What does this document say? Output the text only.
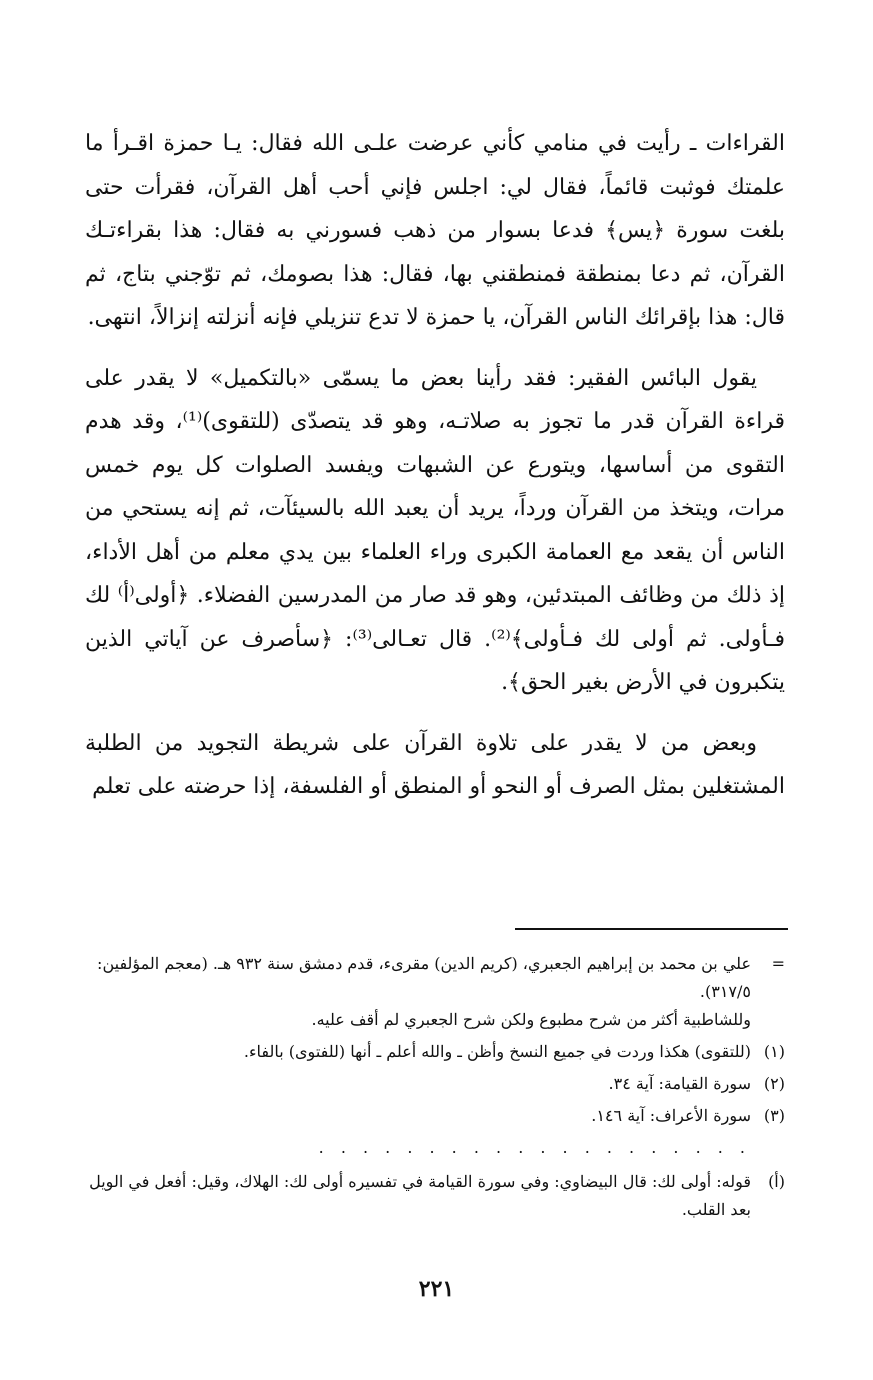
القراءات ـ رأيت في منامي كأني عرضت علـى الله فقال: يـا حمزة اقـرأ ما علمتك فوثبت قائماً، فقال لي: اجلس فإني أحب أهل القرآن، فقرأت حتى بلغت سورة ﴿يس﴾ فدعا بسوار من ذهب فسورني به فقال: هذا بقراءتـك القرآن، ثم دعا بمنطقة فمنطقني بها، فقال: هذا بصومك، ثم توّجني بتاج، ثم قال: هذا بإقرائك الناس القرآن، يا حمزة لا تدع تنزيلي فإنه أنزلته إنزالاً، انتهى.

يقول البائس الفقير: فقد رأينا بعض ما يسمّى «بالتكميل» لا يقدر على قراءة القرآن قدر ما تجوز به صلاتـه، وهو قد يتصدّى (للتقوى)⁽¹⁾، وقد هدم التقوى من أساسها، ويتورع عن الشبهات ويفسد الصلوات كل يوم خمس مرات، ويتخذ من القرآن ورداً، يريد أن يعبد الله بالسيئآت، ثم إنه يستحي من الناس أن يقعد مع العمامة الكبرى وراء العلماء بين يدي معلم من أهل الأداء، إذ ذلك من وظائف المبتدئين، وهو قد صار من المدرسين الفضلاء. ﴿أولى⁽أ⁾ لك فـأولى. ثم أولى لك فـأولى﴾⁽²⁾. قال تعـالى⁽³⁾: ﴿سأصرف عن آياتي الذين يتكبرون في الأرض بغير الحق﴾.

وبعض من لا يقدر على تلاوة القرآن على شريطة التجويد من الطلبة المشتغلين بمثل الصرف أو النحو أو المنطق أو الفلسفة، إذا حرضته على تعلم

=
علي بن محمد بن إبراهيم الجعبري، (كريم الدين) مقرىء، قدم دمشق سنة ٩٣٢ هـ. (معجم المؤلفين: ٣١٧/٥).
وللشاطبية أكثر من شرح مطبوع ولكن شرح الجعبري لم أقف عليه.
(١)
(للتقوى) هكذا وردت في جميع النسخ وأظن ـ والله أعلم ـ أنها (للفتوى) بالفاء.
(٢)
سورة القيامة: آية ٣٤.
(٣)
سورة الأعراف: آية ١٤٦.
. . . . . . . . . . . . . . . . . . . .
(أ)
قوله: أولى لك: قال البيضاوي: وفي سورة القيامة في تفسيره أولى لك: الهلاك، وقيل: أفعل في الويل بعد القلب.
٢٢١
